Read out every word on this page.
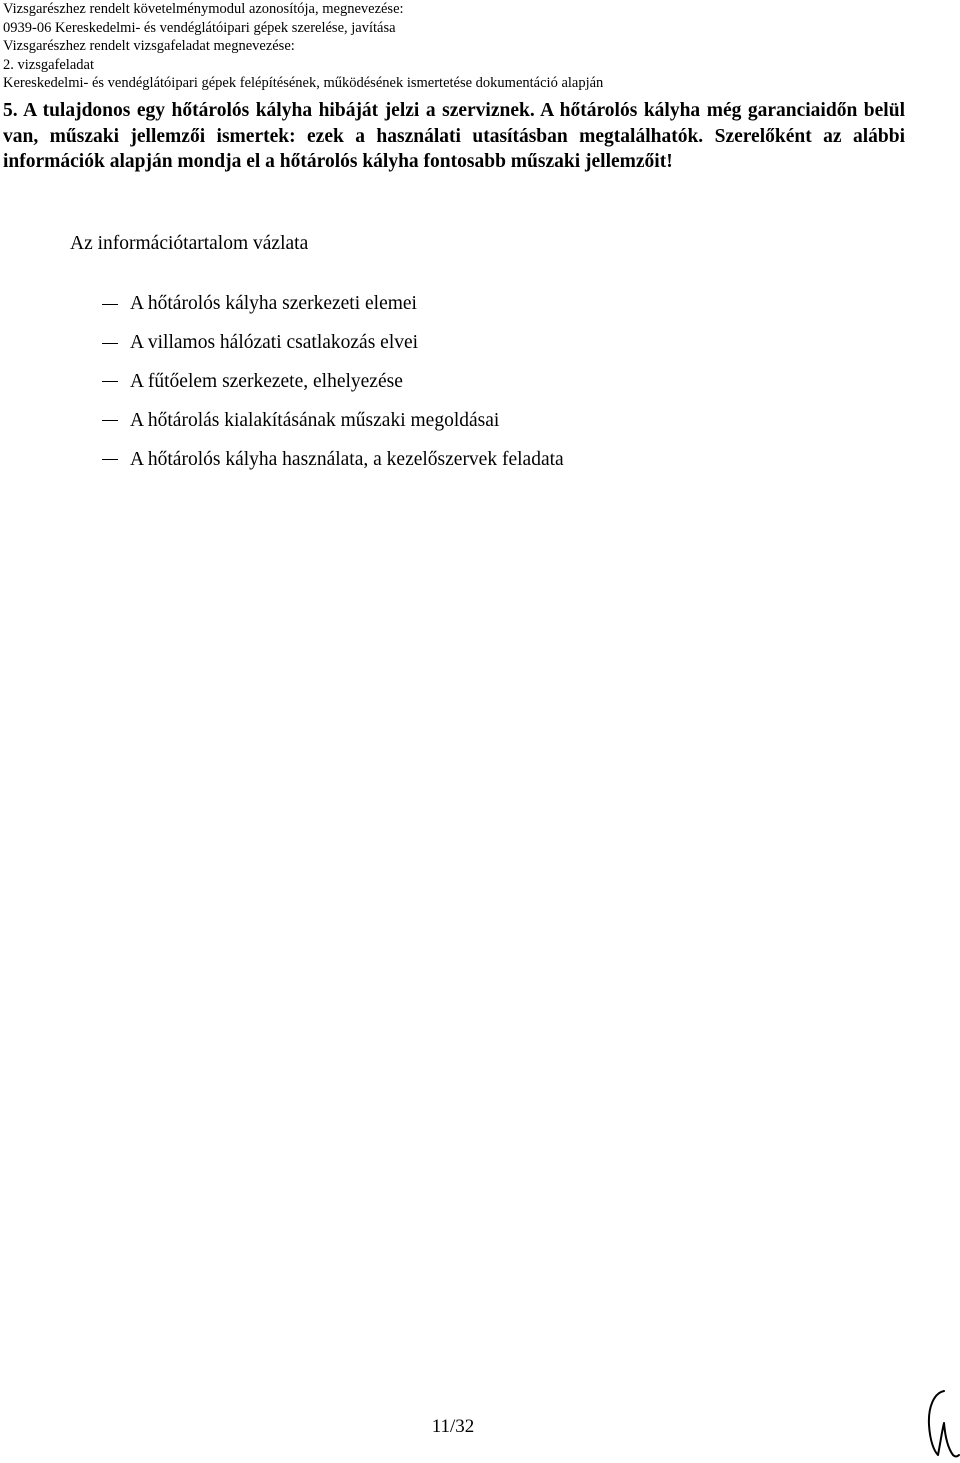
Vizsgarészhez rendelt követelménymodul azonosítója, megnevezése:
0939-06 Kereskedelmi- és vendéglátóipari gépek szerelése, javítása
Vizsgarészhez rendelt vizsgafeladat megnevezése:
2. vizsgafeladat
Kereskedelmi- és vendéglátóipari gépek felépítésének, működésének ismertetése dokumentáció alapján
5. A tulajdonos egy hőtárolós kályha hibáját jelzi a szerviznek. A hőtárolós kályha még garanciaidőn belül van, műszaki jellemzői ismertek: ezek a használati utasításban megtalálhatók. Szerelőként az alábbi információk alapján mondja el a hőtárolós kályha fontosabb műszaki jellemzőit!
Az információtartalom vázlata
A hőtárolós kályha szerkezeti elemei
A villamos hálózati csatlakozás elvei
A fűtőelem szerkezete, elhelyezése
A hőtárolás kialakításának műszaki megoldásai
A hőtárolós kályha használata, a kezelőszervek feladata
11/32
